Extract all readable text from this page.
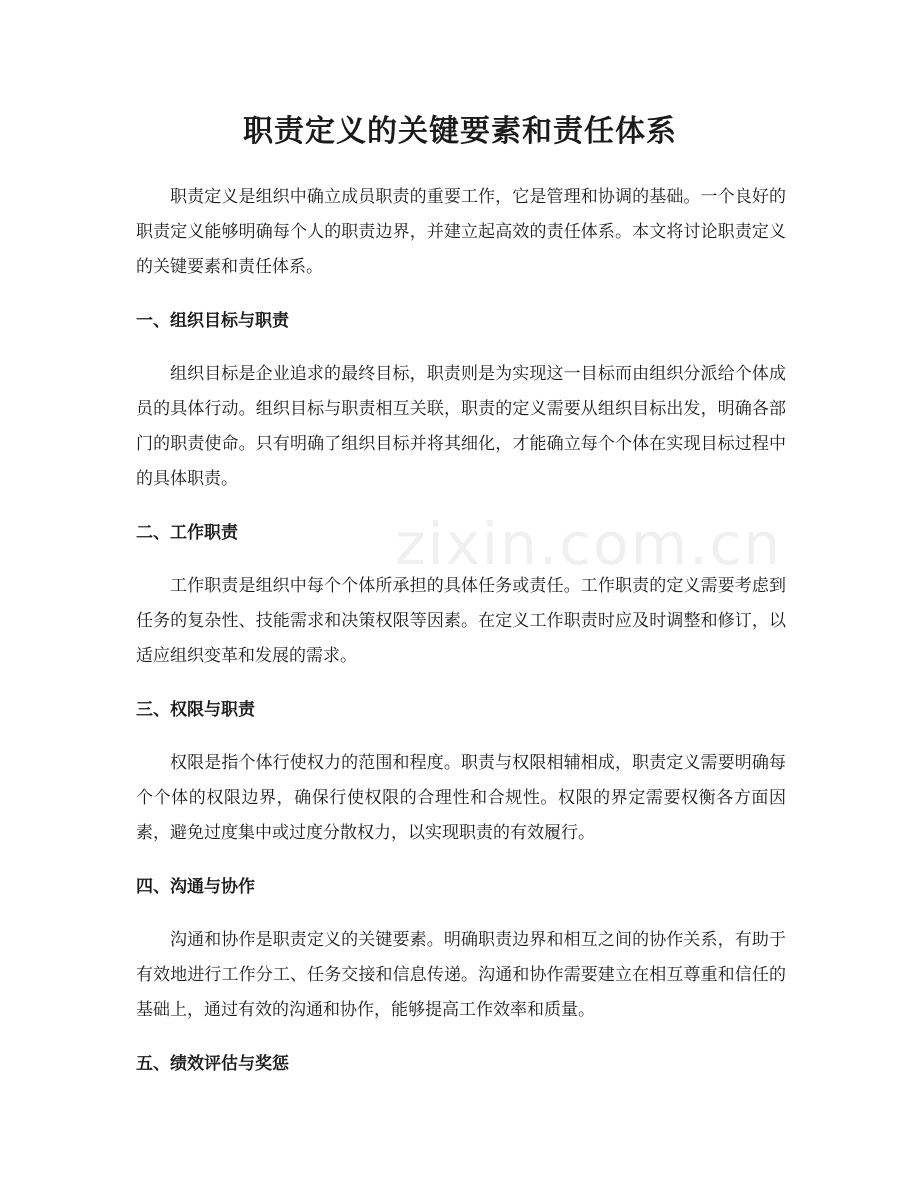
职责定义的关键要素和责任体系

职责定义是组织中确立成员职责的重要工作，它是管理和协调的基础。一个良好的职责定义能够明确每个人的职责边界，并建立起高效的责任体系。本文将讨论职责定义的关键要素和责任体系。

一、组织目标与职责

组织目标是企业追求的最终目标，职责则是为实现这一目标而由组织分派给个体成员的具体行动。组织目标与职责相互关联，职责的定义需要从组织目标出发，明确各部门的职责使命。只有明确了组织目标并将其细化，才能确立每个个体在实现目标过程中的具体职责。

二、工作职责

工作职责是组织中每个个体所承担的具体任务或责任。工作职责的定义需要考虑到任务的复杂性、技能需求和决策权限等因素。在定义工作职责时应及时调整和修订，以适应组织变革和发展的需求。

三、权限与职责

权限是指个体行使权力的范围和程度。职责与权限相辅相成，职责定义需要明确每个个体的权限边界，确保行使权限的合理性和合规性。权限的界定需要权衡各方面因素，避免过度集中或过度分散权力，以实现职责的有效履行。

四、沟通与协作

沟通和协作是职责定义的关键要素。明确职责边界和相互之间的协作关系，有助于有效地进行工作分工、任务交接和信息传递。沟通和协作需要建立在相互尊重和信任的基础上，通过有效的沟通和协作，能够提高工作效率和质量。

五、绩效评估与奖惩
zixin.com.cn
